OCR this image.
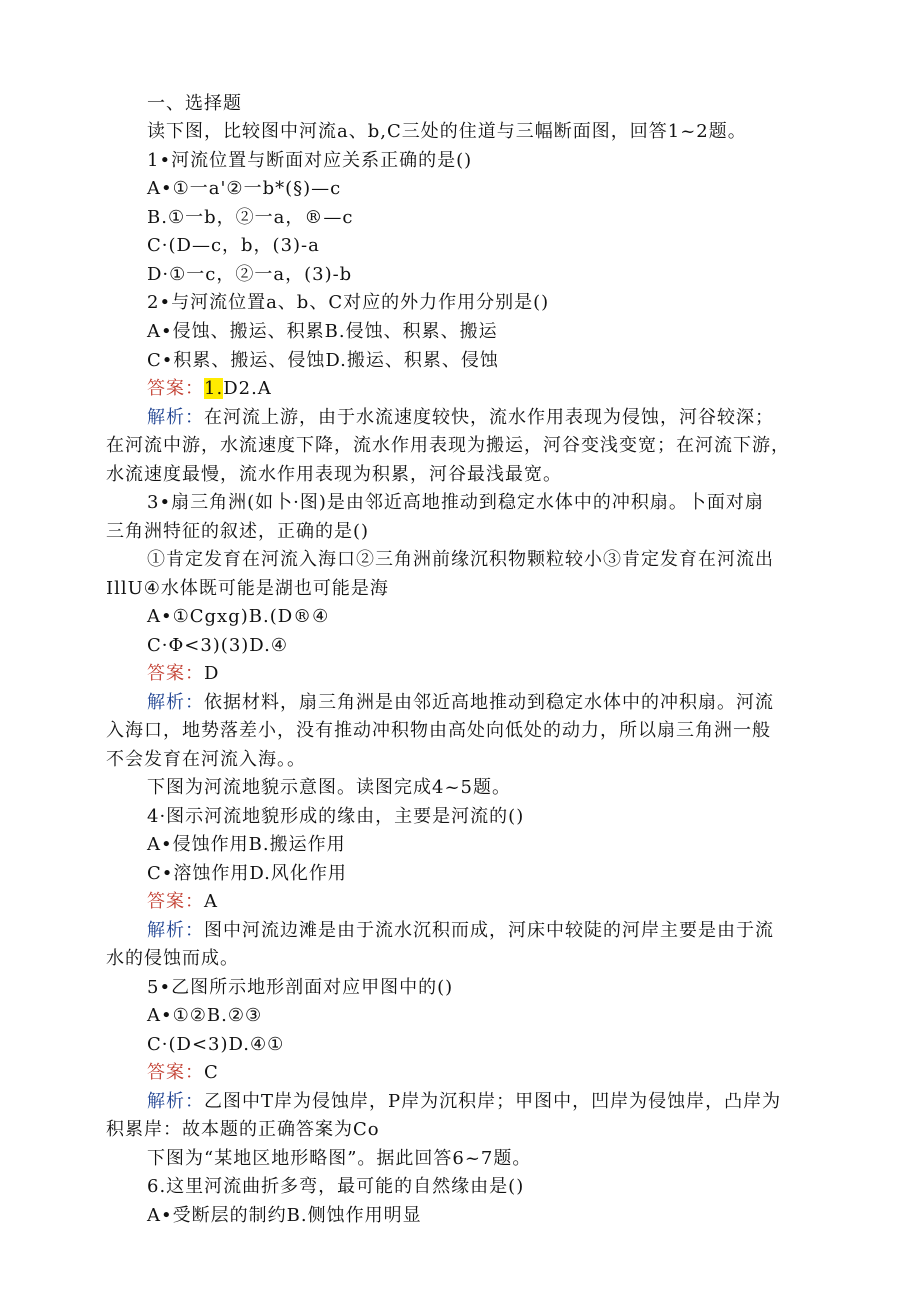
一、选择题
读下图，比较图中河流a、b,C三处的住道与三幅断面图，回答1~2题。
1•河流位置与断面对应关系正确的是()
A•①一a'②一b*(§)—c
B.①一b，②一a，®—c
C·(D—c，b，(3)-a
D·①一c，②一a，(3)-b
2•与河流位置a、b、C对应的外力作用分别是()
A•侵蚀、搬运、积累B.侵蚀、积累、搬运
C•积累、搬运、侵蚀D.搬运、积累、侵蚀
答案：1.D2.A
解析：在河流上游，由于水流速度较快，流水作用表现为侵蚀，河谷较深；
在河流中游，水流速度下降，流水作用表现为搬运，河谷变浅变宽；在河流下游，
水流速度最慢，流水作用表现为积累，河谷最浅最宽。
3•扇三角洲(如卜·图)是由邻近高地推动到稳定水体中的冲积扇。卜面对扇
三角洲特征的叙述，正确的是()
①肯定发育在河流入海口②三角洲前缘沉积物颗粒较小③肯定发育在河流出
IllU④水体既可能是湖也可能是海
A•①Cgxg)B.(D®④
C·Φ<3)(3)D.④
答案：D
解析：依据材料，扇三角洲是由邻近高地推动到稳定水体中的冲积扇。河流
入海口，地势落差小，没有推动冲积物由高处向低处的动力，所以扇三角洲一般
不会发育在河流入海。。
下图为河流地貌示意图。读图完成4~5题。
4·图示河流地貌形成的缘由，主要是河流的()
A•侵蚀作用B.搬运作用
C•溶蚀作用D.风化作用
答案：A
解析：图中河流边滩是由于流水沉积而成，河床中较陡的河岸主要是由于流
水的侵蚀而成。
5•乙图所示地形剖面对应甲图中的()
A•①②B.②③
C·(D<3)D.④①
答案：C
解析：乙图中T岸为侵蚀岸，P岸为沉积岸；甲图中，凹岸为侵蚀岸，凸岸为
积累岸：故本题的正确答案为Co
下图为“某地区地形略图”。据此回答6~7题。
6.这里河流曲折多弯，最可能的自然缘由是()
A•受断层的制约B.侧蚀作用明显
